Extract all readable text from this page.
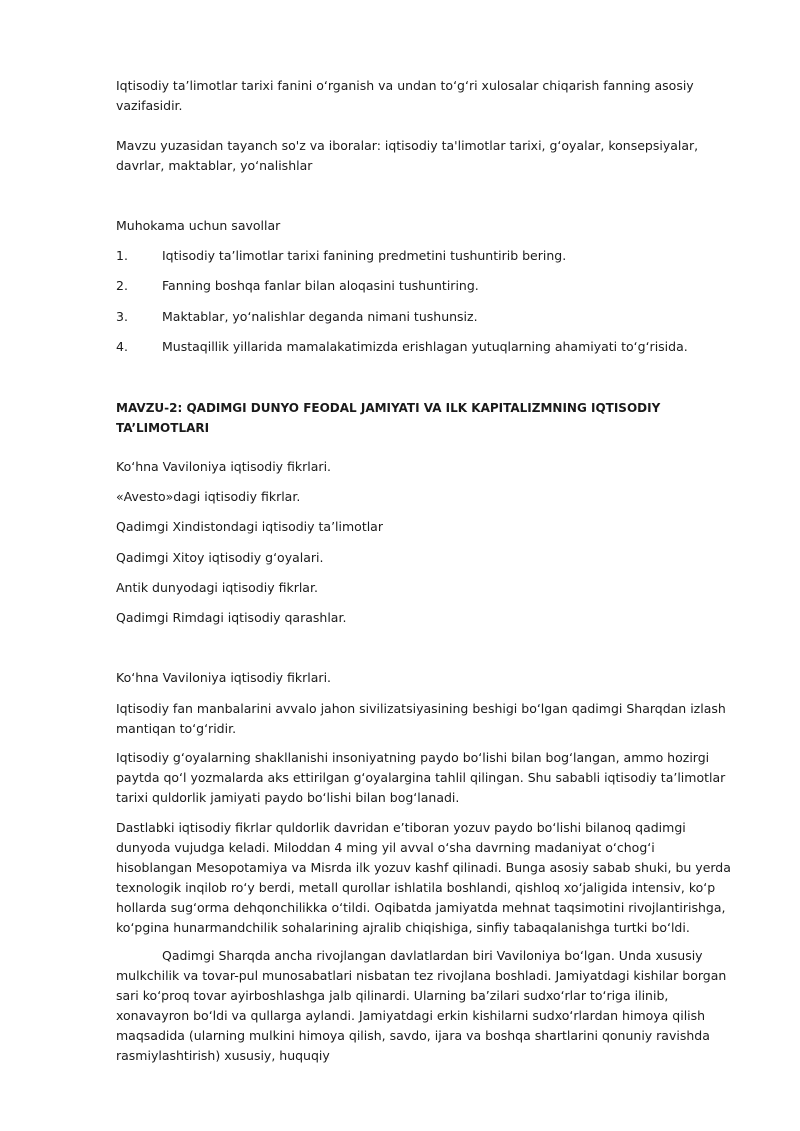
Iqtisodiy ta’limotlar tarixi fanini o‘rganish va undan to‘g‘ri xulosalar chiqarish fanning asosiy vazifasidir.

Mavzu yuzasidan tayanch so'z va iboralar: iqtisodiy ta'limotlar tarixi, g‘oyalar, konsepsiyalar, davrlar, maktablar, yo‘nalishlar

Muhokama uchun savollar

1.	Iqtisodiy ta’limotlar tarixi fanining predmetini tushuntirib bering.
2.	Fanning boshqa fanlar bilan aloqasini tushuntiring.
3.	Maktablar, yo‘nalishlar deganda nimani tushunsiz.
4.	Mustaqillik yillarida mamalakatimizda erishlagan yutuqlarning ahamiyati to‘g‘risida.

MAVZU-2: QADIMGI DUNYO FEODAL JAMIYATI VA ILK KAPITALIZMNING IQTISODIY TA’LIMOTLARI

Ko‘hna Vaviloniya iqtisodiy fikrlari.

«Avesto»dagi iqtisodiy fikrlar.

Qadimgi Xindistondagi iqtisodiy ta’limotlar

Qadimgi Xitoy iqtisodiy g‘oyalari.

Antik dunyodagi iqtisodiy fikrlar.

Qadimgi Rimdagi iqtisodiy qarashlar.

Ko‘hna Vaviloniya iqtisodiy fikrlari.

Iqtisodiy fan manbalarini avvalo jahon sivilizatsiyasining beshigi bo‘lgan qadimgi Sharqdan izlash mantiqan to‘g‘ridir.

Iqtisodiy g‘oyalarning shakllanishi insoniyatning paydo bo‘lishi bilan bog‘langan, ammo hozirgi paytda qo‘l yozmalarda aks ettirilgan g‘oyalargina tahlil qilingan. Shu sababli iqtisodiy ta’limotlar tarixi quldorlik jamiyati paydo bo‘lishi bilan bog‘lanadi.

Dastlabki iqtisodiy fikrlar quldorlik davridan e’tiboran yozuv paydo bo‘lishi bilanoq qadimgi dunyoda vujudga keladi. Miloddan 4 ming yil avval o‘sha davrning madaniyat o‘chog‘i hisoblangan Mesopotamiya va Misrda ilk yozuv kashf qilinadi. Bunga asosiy sabab shuki, bu yerda texnologik inqilob ro‘y berdi, metall qurollar ishlatila boshlandi, qishloq xo‘jaligida intensiv, ko‘p hollarda sug‘orma dehqonchilikka o‘tildi. Oqibatda jamiyatda mehnat taqsimotini rivojlantirishga, ko‘pgina hunarmandchilik sohalarining ajralib chiqishiga, sinfiy tabaqalanishga turtki bo‘ldi.

Qadimgi Sharqda ancha rivojlangan davlatlardan biri Vaviloniya bo‘lgan. Unda xususiy mulkchilik va tovar-pul munosabatlari nisbatan tez rivojlana boshladi. Jamiyatdagi kishilar borgan sari ko‘proq tovar ayirboshlashga jalb qilinardi. Ularning ba’zilari sudxo‘rlar to‘riga ilinib, xonavayron bo‘ldi va qullarga aylandi. Jamiyatdagi erkin kishilarni sudxo‘rlardan himoya qilish maqsadida (ularning mulkini himoya qilish, savdo, ijara va boshqa shartlarini qonuniy ravishda rasmiylashtirish) xususiy, huquqiy
